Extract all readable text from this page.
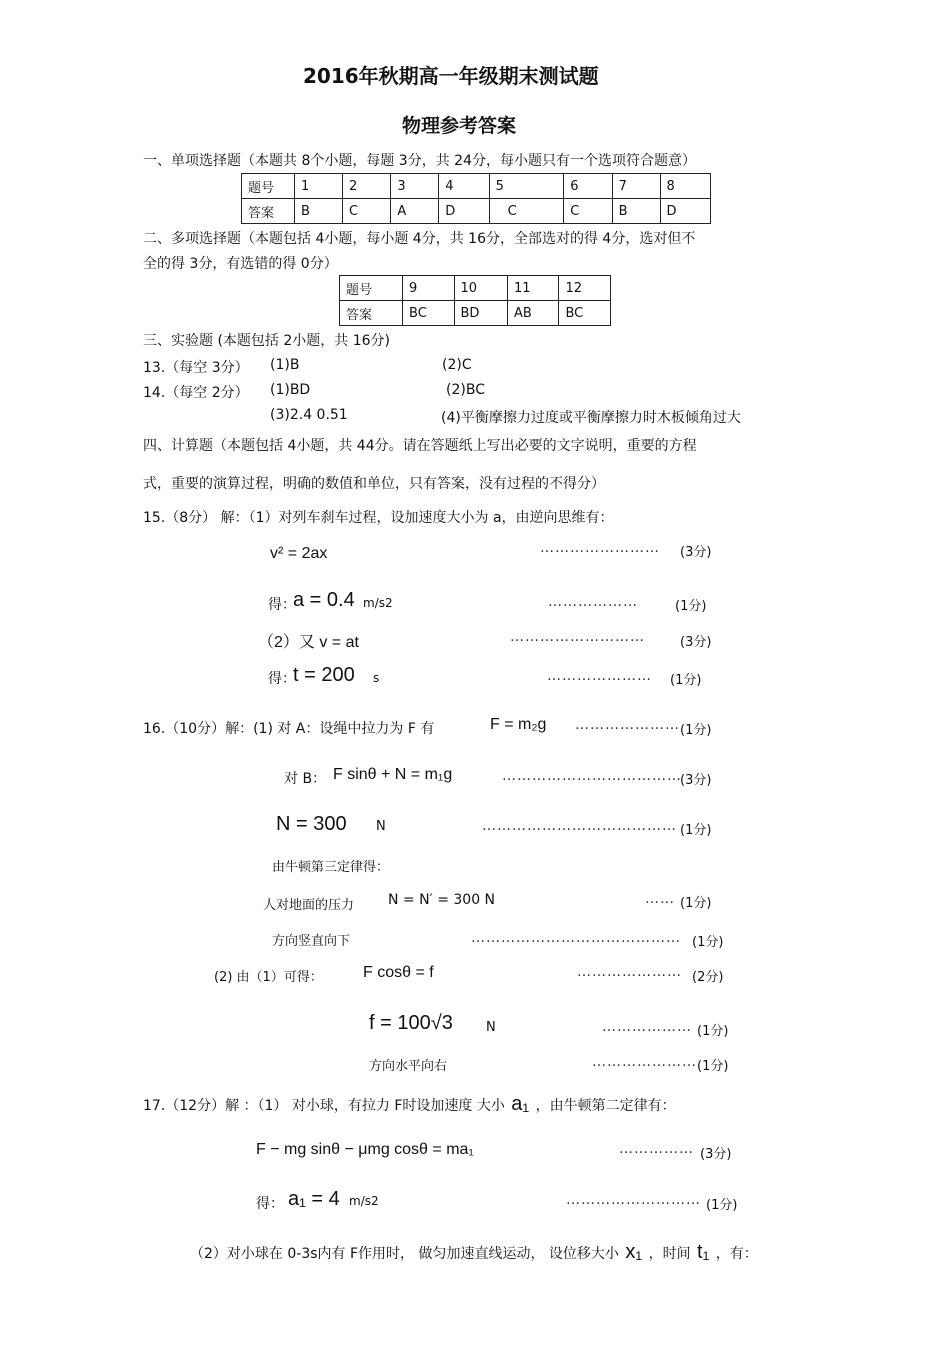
2016年秋期高一年级期末测试题
物理参考答案
一、单项选择题（本题共 8个小题，每题 3分，共 24分，每小题只有一个选项符合题意）
题号	1	2	3	4	5	6	7	8
答案	B	C	A	D	C	C	B	D
二、多项选择题（本题包括 4小题，每小题 4分，共 16分，全部选对的得 4分，选对但不
全的得 3分，有选错的得 0分）
题号	9	10	11	12
答案	BC	BD	AB	BC
三、实验题 (本题包括 2小题，共 16分)
13.（每空 3分） (1)B	(2)C
14.（每空 2分） (1)BD	(2)BC
(3)2.4 0.51	(4)平衡摩擦力过度或平衡摩擦力时木板倾角过大
四、计算题（本题包括 4小题，共 44分。请在答题纸上写出必要的文字说明，重要的方程
式，重要的演算过程，明确的数值和单位，只有答案，没有过程的不得分）
15.（8分） 解：（1）对列车刹车过程，设加速度大小为 a，由逆向思维有：
v² = 2ax	…………………… (3分)
得：
a = 0.4 m/s2	………………	(1分)
（2）又 v = at	………………………	(3分)
得：
t = 200 s	………………… (1分)
16.（10分）解：(1) 对 A：设绳中拉力为 F 有	F = m₂g ………………… (1分)
对 B： F sinθ + N = m₁g	………………………………
(3分)
N = 300 N	………………………………… (1分)
由牛顿第三定律得：
人对地面的压力 N = N′ = 300 N	…… (1分)
方向竖直向下	…………………………………… (1分)
(2) 由（1）可得：	F cosθ = f	………………… (2分)
f = 100√3	N	……………… (1分)
方向水平向右	………………… (1分)
17.（12分）解 ：（1） 对小球，有拉力 F时设加速度 大小 a₁ ，由牛顿第二定律有：
F − mg sinθ − μmg cosθ = ma₁	…………… (3分)
得： a₁ = 4 m/s2	……………………… (1分)
（2）对小球在 0-3s内有 F作用时， 做匀加速直线运动， 设位移大小 x₁ ，时间 t₁ ，有：
